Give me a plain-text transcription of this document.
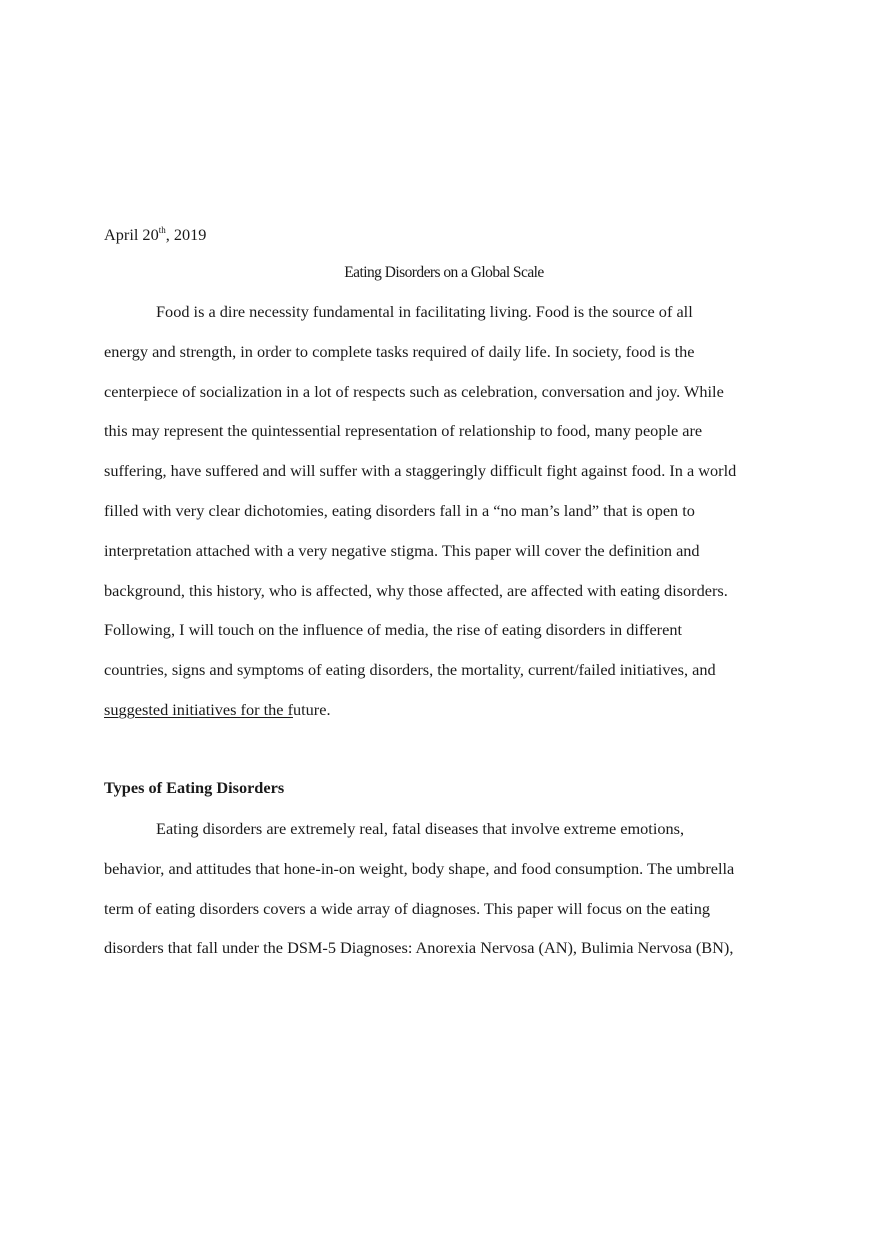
April 20th, 2019
Eating Disorders on a Global Scale
Food is a dire necessity fundamental in facilitating living. Food is the source of all
energy and strength, in order to complete tasks required of daily life. In society, food is the
centerpiece of socialization in a lot of respects such as celebration, conversation and joy. While
this may represent the quintessential representation of relationship to food, many people are
suffering, have suffered and will suffer with a staggeringly difficult fight against food. In a world
filled with very clear dichotomies, eating disorders fall in a “no man’s land” that is open to
interpretation attached with a very negative stigma. This paper will cover the definition and
background, this history, who is affected, why those affected, are affected with eating disorders.
Following, I will touch on the influence of media, the rise of eating disorders in different
countries, signs and symptoms of eating disorders, the mortality, current/failed initiatives, and
suggested initiatives for the future.
Types of Eating Disorders
Eating disorders are extremely real, fatal diseases that involve extreme emotions,
behavior, and attitudes that hone-in-on weight, body shape, and food consumption. The umbrella
term of eating disorders covers a wide array of diagnoses. This paper will focus on the eating
disorders that fall under the DSM-5 Diagnoses: Anorexia Nervosa (AN), Bulimia Nervosa (BN),
